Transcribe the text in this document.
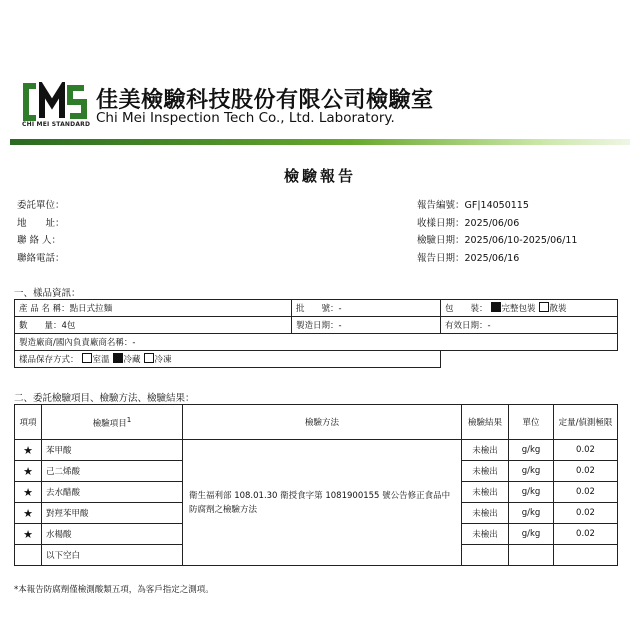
CHI MEI STANDARD
佳美檢驗科技股份有限公司檢驗室
Chi Mei Inspection Tech Co., Ltd. Laboratory.
檢驗報告
委託單位：
地　　址：
聯 絡 人：
聯絡電話：
報告編號：GF|14050115
收樣日期：2025/06/06
檢驗日期：2025/06/10-2025/06/11
報告日期：2025/06/16
一、樣品資訊：
產 品 名 稱：點日式拉麵	批　　號：-	包　　裝： 完整包裝 散裝
數　　量：4包	製造日期：-	有效日期：-
製造廠商/國內負責廠商名稱：-		
樣品保存方式： 室溫 冷藏 冷凍		
二、委託檢驗項目、檢驗方法、檢驗結果：
項項	檢驗項目$^1$	檢驗方法	檢驗結果	單位	定量/偵測極限
★	苯甲酸	衛生福利部 108.01.30 衛授食字第 1081900155 號公告修正食品中防腐劑之檢驗方法	未檢出	g/kg	0.02
★	己二烯酸		未檢出	g/kg	0.02
★	去水醋酸		未檢出	g/kg	0.02
★	對羥苯甲酸		未檢出	g/kg	0.02
★	水楊酸		未檢出	g/kg	0.02
	以下空白				
*本報告防腐劑僅檢測酸類五項，為客戶指定之測項。
